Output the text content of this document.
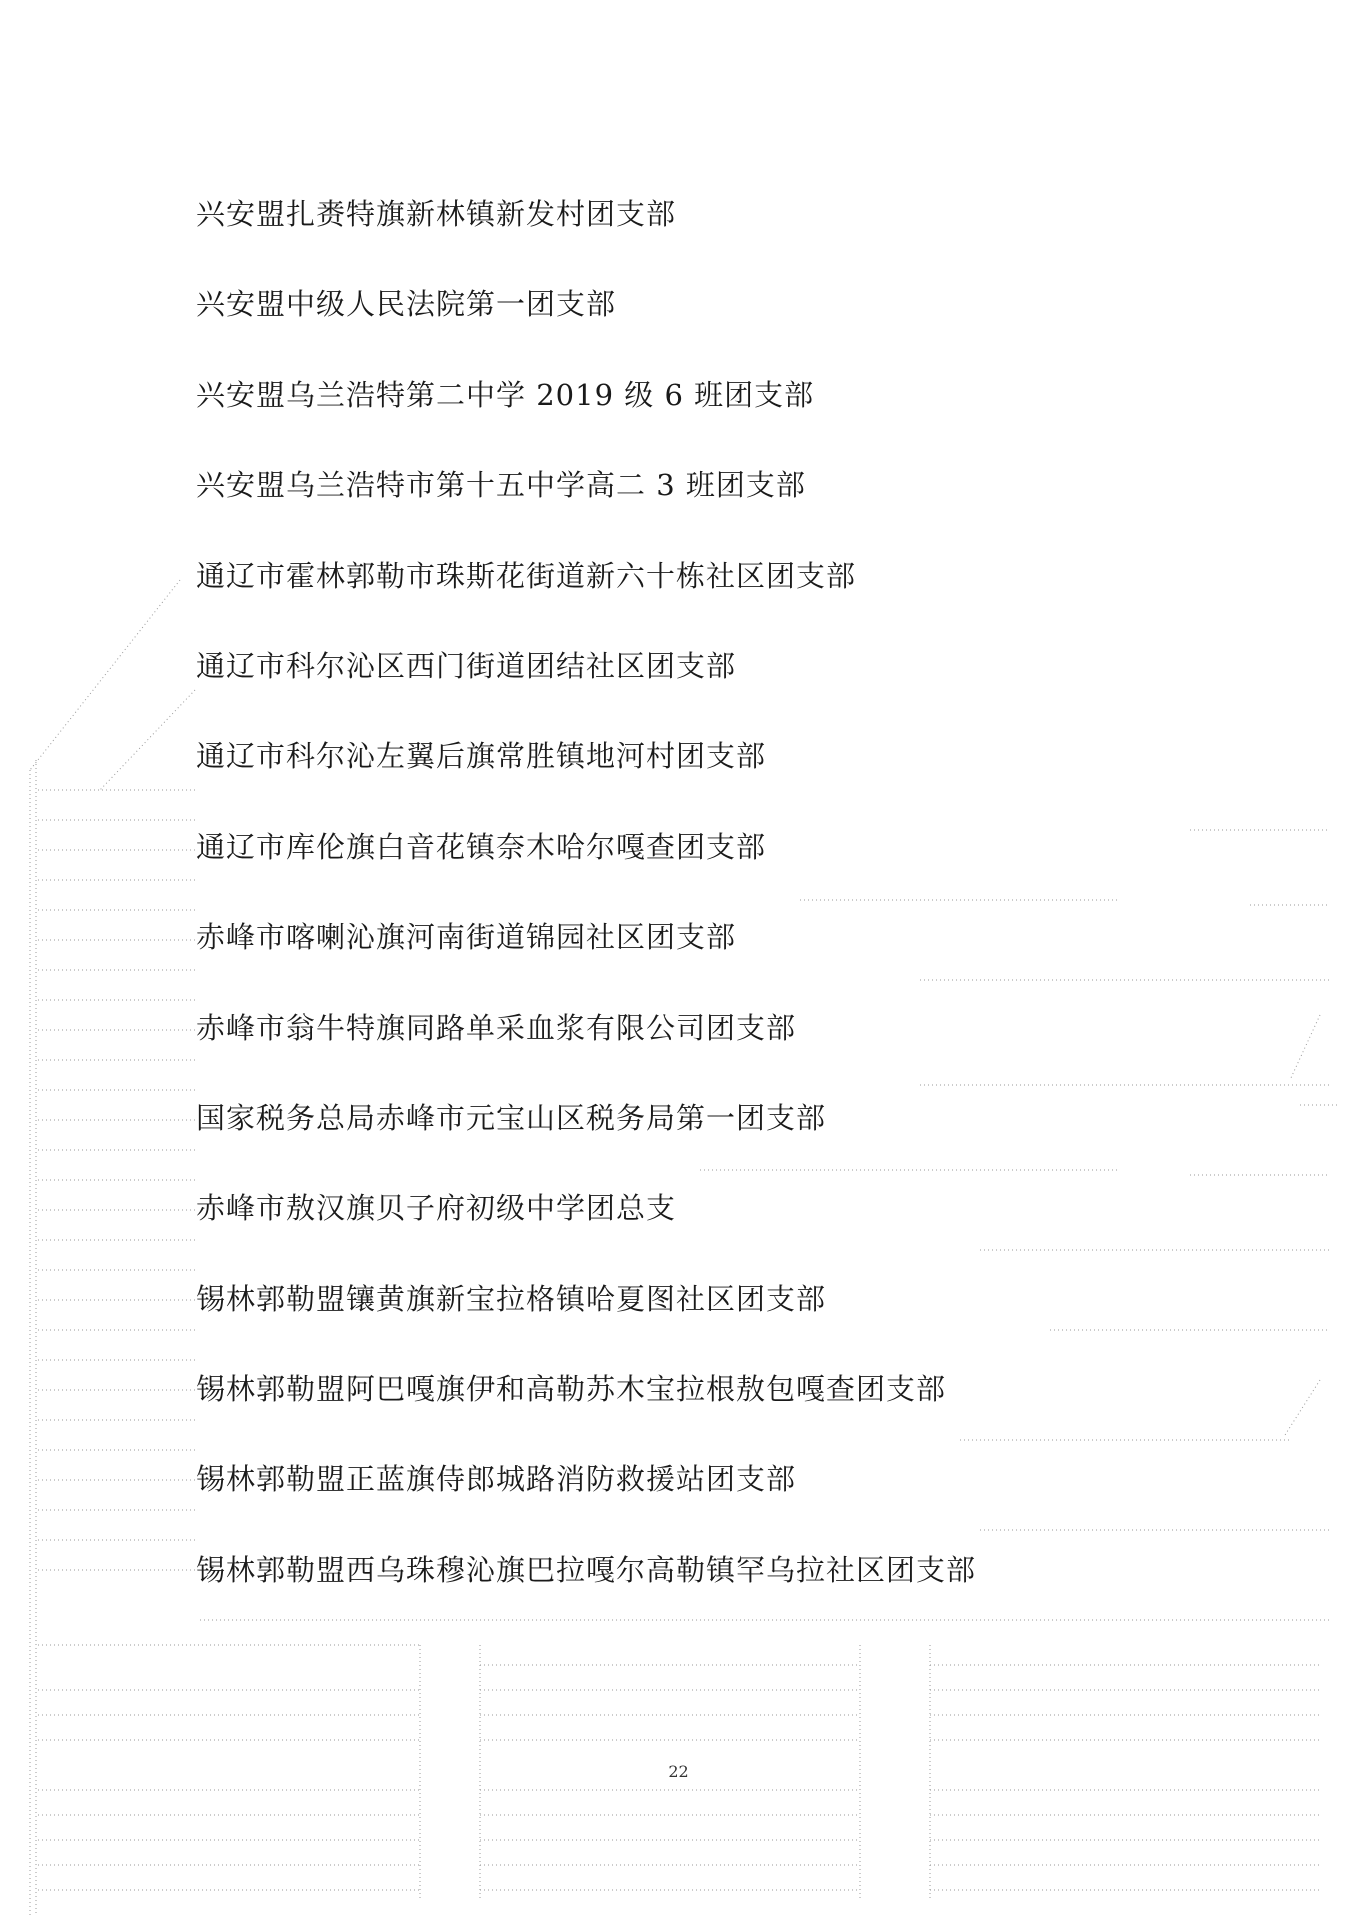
兴安盟扎赉特旗新林镇新发村团支部
兴安盟中级人民法院第一团支部
兴安盟乌兰浩特第二中学 2019 级 6 班团支部
兴安盟乌兰浩特市第十五中学高二 3 班团支部
通辽市霍林郭勒市珠斯花街道新六十栋社区团支部
通辽市科尔沁区西门街道团结社区团支部
通辽市科尔沁左翼后旗常胜镇地河村团支部
通辽市库伦旗白音花镇奈木哈尔嘎查团支部
赤峰市喀喇沁旗河南街道锦园社区团支部
赤峰市翁牛特旗同路单采血浆有限公司团支部
国家税务总局赤峰市元宝山区税务局第一团支部
赤峰市敖汉旗贝子府初级中学团总支
锡林郭勒盟镶黄旗新宝拉格镇哈夏图社区团支部
锡林郭勒盟阿巴嘎旗伊和高勒苏木宝拉根敖包嘎查团支部
锡林郭勒盟正蓝旗侍郎城路消防救援站团支部
锡林郭勒盟西乌珠穆沁旗巴拉嘎尔高勒镇罕乌拉社区团支部
22
